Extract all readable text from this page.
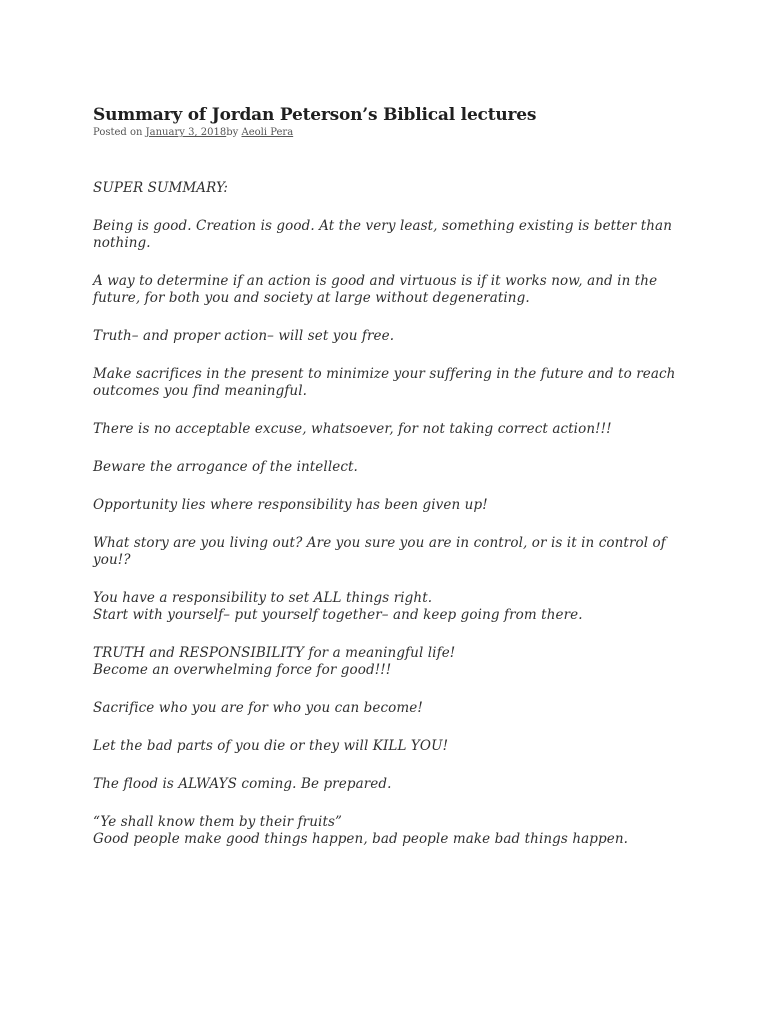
Summary of Jordan Peterson’s Biblical lectures
Posted on January 3, 2018by Aeoli Pera

SUPER SUMMARY:

Being is good. Creation is good. At the very least, something existing is better than nothing.

A way to determine if an action is good and virtuous is if it works now, and in the future, for both you and society at large without degenerating.

Truth– and proper action– will set you free.

Make sacrifices in the present to minimize your suffering in the future and to reach outcomes you find meaningful.

There is no acceptable excuse, whatsoever, for not taking correct action!!!

Beware the arrogance of the intellect.

Opportunity lies where responsibility has been given up!

What story are you living out? Are you sure you are in control, or is it in control of you!?

You have a responsibility to set ALL things right.
Start with yourself– put yourself together– and keep going from there.

TRUTH and RESPONSIBILITY for a meaningful life!
Become an overwhelming force for good!!!

Sacrifice who you are for who you can become!

Let the bad parts of you die or they will KILL YOU!

The flood is ALWAYS coming. Be prepared.

“Ye shall know them by their fruits”
Good people make good things happen, bad people make bad things happen.
